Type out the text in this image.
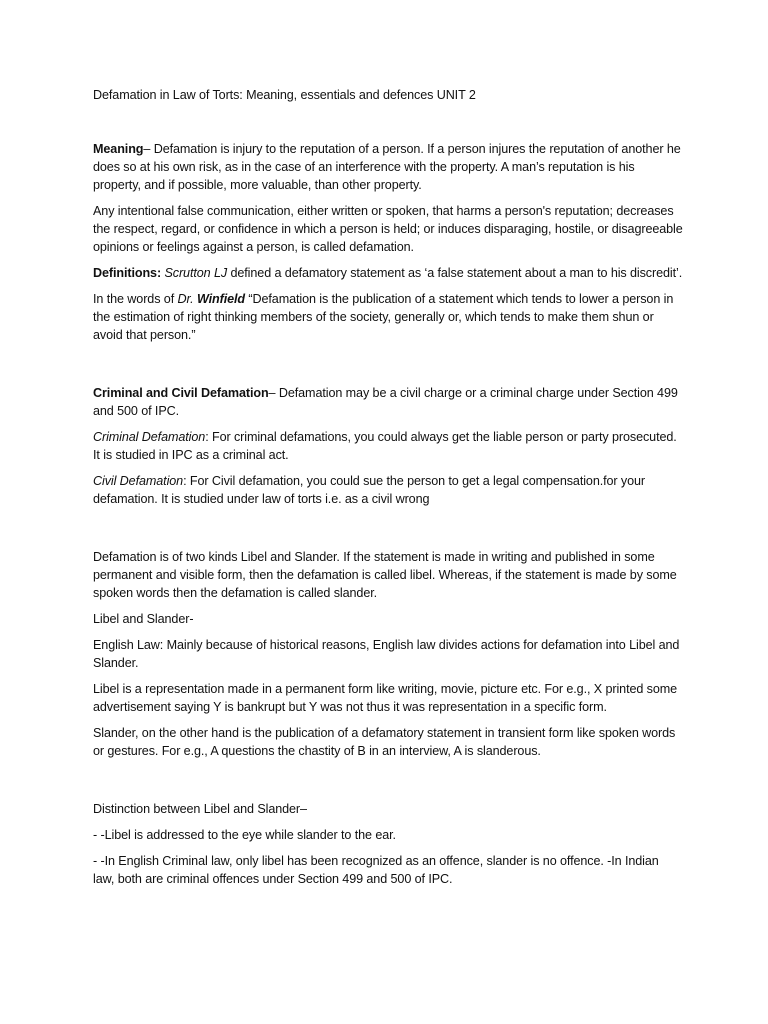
Defamation in Law of Torts: Meaning, essentials and defences UNIT 2

Meaning– Defamation is injury to the reputation of a person. If a person injures the reputation of another he does so at his own risk, as in the case of an interference with the property. A man’s reputation is his property, and if possible, more valuable, than other property.

Any intentional false communication, either written or spoken, that harms a person's reputation; decreases the respect, regard, or confidence in which a person is held; or induces disparaging, hostile, or disagreeable opinions or feelings against a person, is called defamation.

Definitions: Scrutton LJ defined a defamatory statement as ‘a false statement about a man to his discredit’.

In the words of Dr. Winfield “Defamation is the publication of a statement which tends to lower a person in the estimation of right thinking members of the society, generally or, which tends to make them shun or avoid that person.”

Criminal and Civil Defamation– Defamation may be a civil charge or a criminal charge under Section 499 and 500 of IPC.

Criminal Defamation: For criminal defamations, you could always get the liable person or party prosecuted. It is studied in IPC as a criminal act.

Civil Defamation: For Civil defamation, you could sue the person to get a legal compensation.for your defamation. It is studied under law of torts i.e. as a civil wrong

Defamation is of two kinds Libel and Slander. If the statement is made in writing and published in some permanent and visible form, then the defamation is called libel. Whereas, if the statement is made by some spoken words then the defamation is called slander.

Libel and Slander-

English Law: Mainly because of historical reasons, English law divides actions for defamation into Libel and Slander.

Libel is a representation made in a permanent form like writing, movie, picture etc. For e.g., X printed some advertisement saying Y is bankrupt but Y was not thus it was representation in a specific form.

Slander, on the other hand is the publication of a defamatory statement in transient form like spoken words or gestures. For e.g., A questions the chastity of B in an interview, A is slanderous.

Distinction between Libel and Slander–

- -Libel is addressed to the eye while slander to the ear.

- -In English Criminal law, only libel has been recognized as an offence, slander is no offence. -In Indian law, both are criminal offences under Section 499 and 500 of IPC.
